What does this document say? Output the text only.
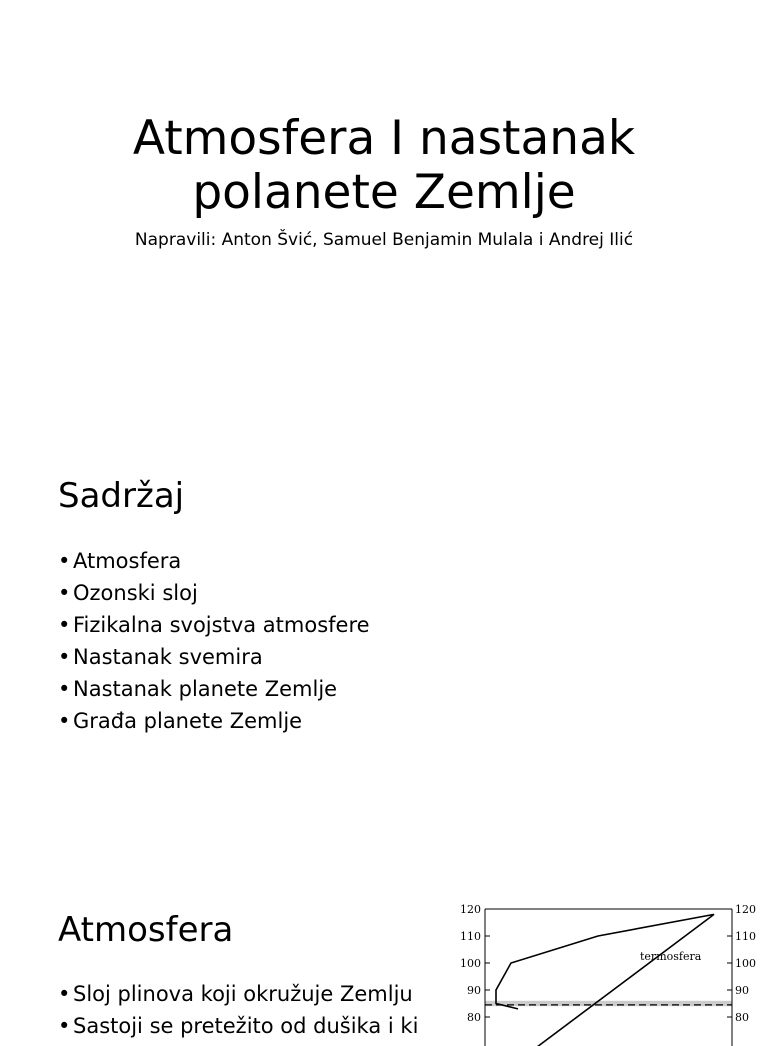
Atmosfera I nastanak
polanete Zemlje

Napravili: Anton Švić, Samuel Benjamin Mulala i Andrej Ilić

Sadržaj
• Atmosfera
• Ozonski sloj
• Fizikalna svojstva atmosfere
• Nastanak svemira
• Nastanak planete Zemlje
• Građa planete Zemlje
Atmosfera
• Sloj plinova koji okružuje Zemlju
• Sastoji se pretežito od dušika i ki
120	120
110	110
100	100
90	90
80	80
termosfera
